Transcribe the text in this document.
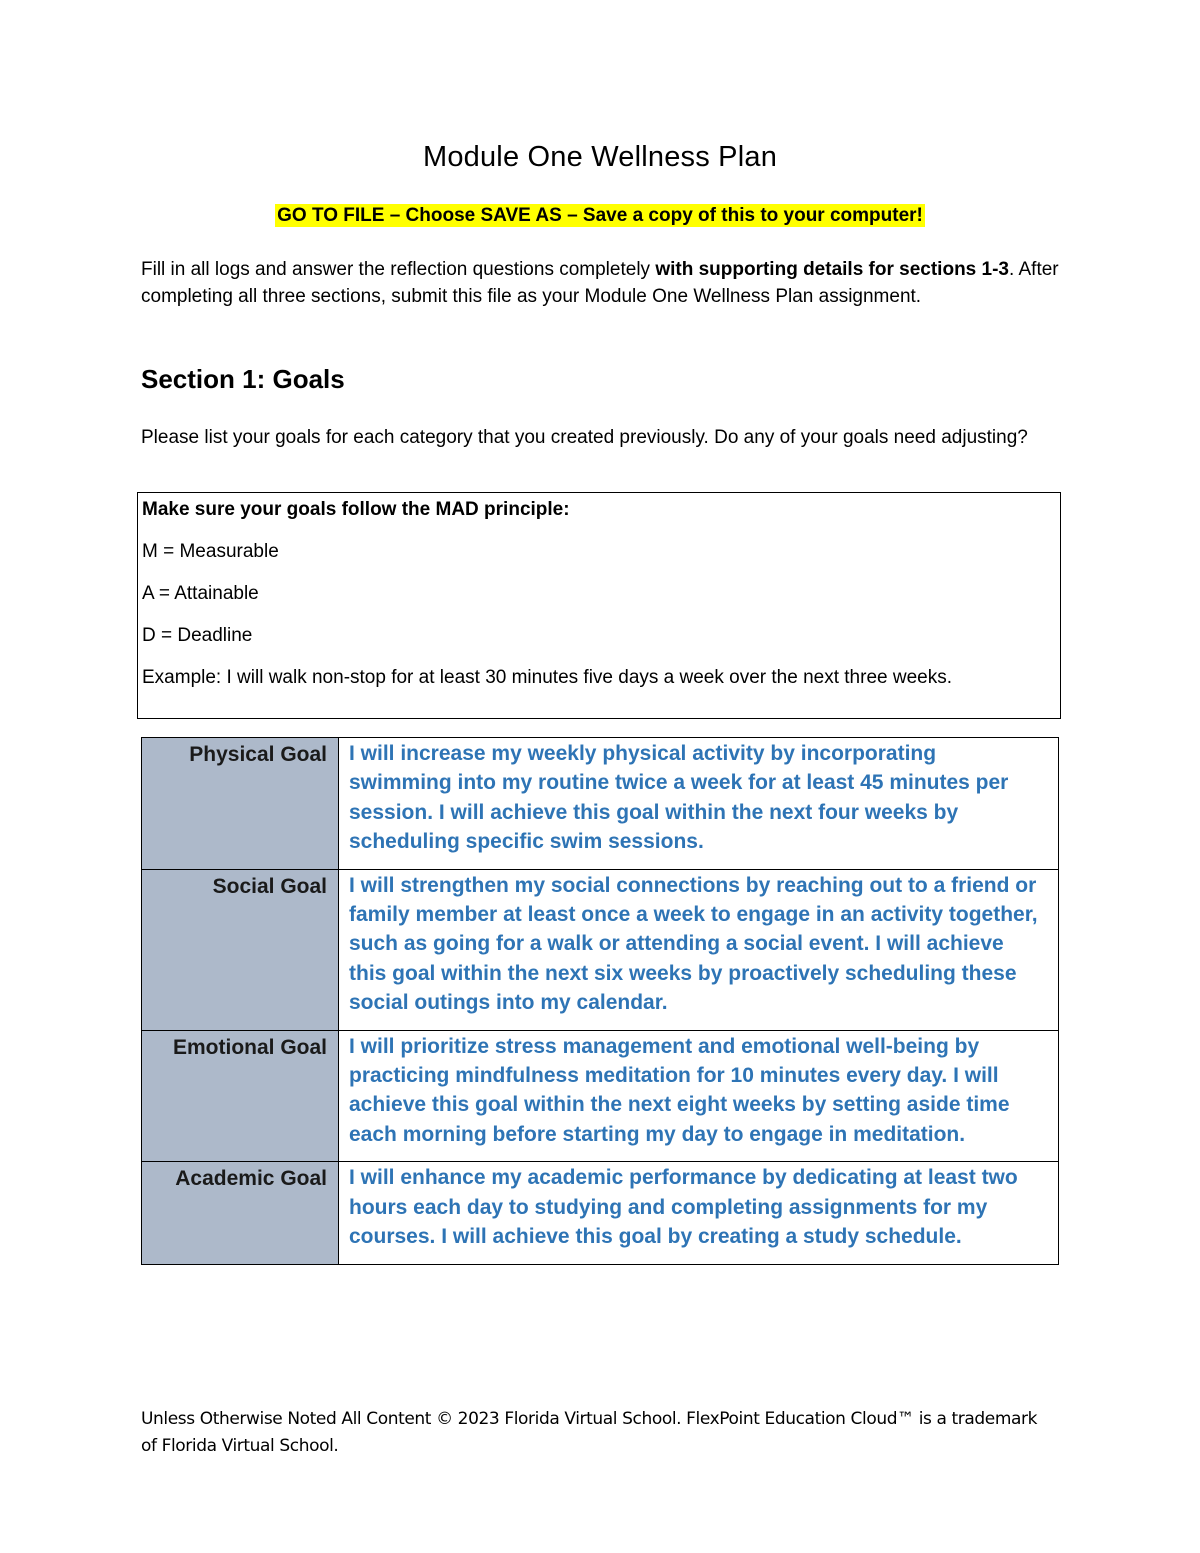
Module One Wellness Plan
GO TO FILE – Choose SAVE AS – Save a copy of this to your computer!

Fill in all logs and answer the reflection questions completely with supporting details for sections 1-3. After completing all three sections, submit this file as your Module One Wellness Plan assignment.

Section 1: Goals

Please list your goals for each category that you created previously. Do any of your goals need adjusting?

Make sure your goals follow the MAD principle:

M = Measurable

A = Attainable

D = Deadline

Example: I will walk non-stop for at least 30 minutes five days a week over the next three weeks.

Physical Goal	I will increase my weekly physical activity by incorporating swimming into my routine twice a week for at least 45 minutes per session. I will achieve this goal within the next four weeks by scheduling specific swim sessions.
Social Goal	I will strengthen my social connections by reaching out to a friend or family member at least once a week to engage in an activity together, such as going for a walk or attending a social event. I will achieve this goal within the next six weeks by proactively scheduling these social outings into my calendar.
Emotional Goal	I will prioritize stress management and emotional well-being by practicing mindfulness meditation for 10 minutes every day. I will achieve this goal within the next eight weeks by setting aside time each morning before starting my day to engage in meditation.
Academic Goal	I will enhance my academic performance by dedicating at least two hours each day to studying and completing assignments for my courses. I will achieve this goal by creating a study schedule.

Unless Otherwise Noted All Content © 2023 Florida Virtual School. FlexPoint Education Cloud™ is a trademark of Florida Virtual School.
